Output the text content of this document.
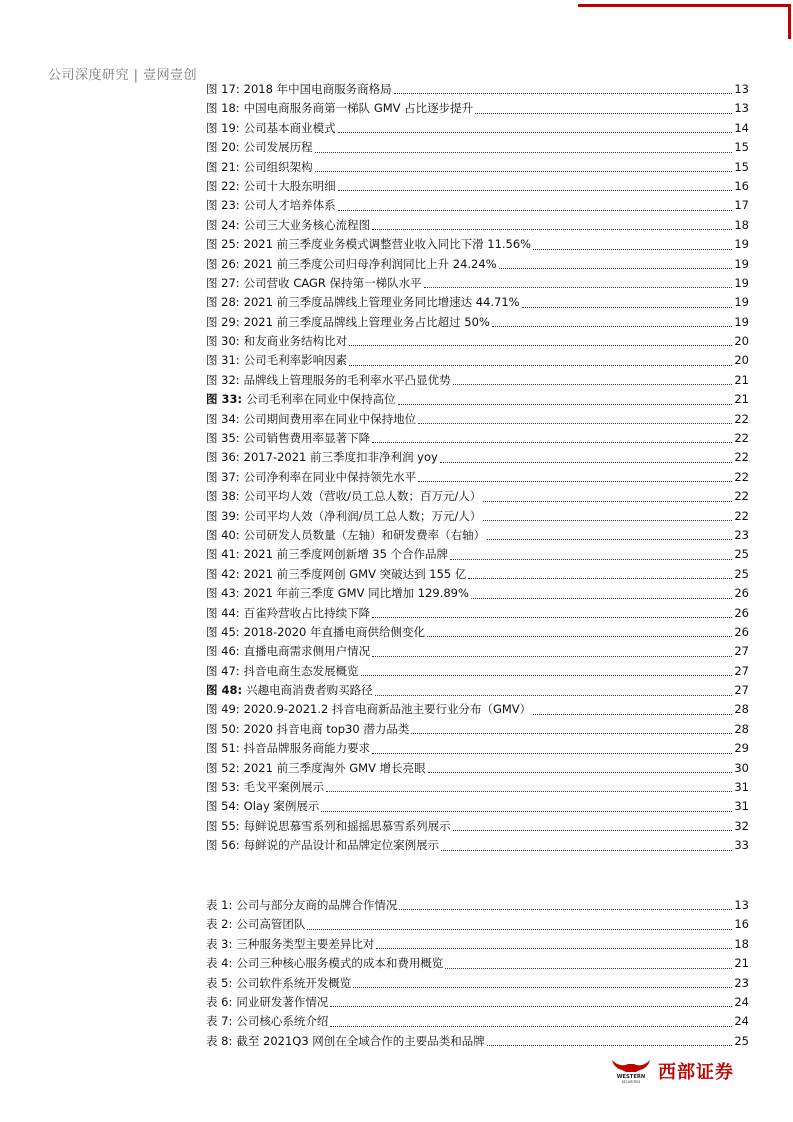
公司深度研究 | 壹网壹创
图 17: 2018 年中国电商服务商格局	13
图 18: 中国电商服务商第一梯队 GMV 占比逐步提升	13
图 19: 公司基本商业模式	14
图 20: 公司发展历程	15
图 21: 公司组织架构	15
图 22: 公司十大股东明细	16
图 23: 公司人才培养体系	17
图 24: 公司三大业务核心流程图	18
图 25: 2021 前三季度业务模式调整营业收入同比下滑 11.56%	19
图 26: 2021 前三季度公司归母净利润同比上升 24.24%	19
图 27: 公司营收 CAGR 保持第一梯队水平	19
图 28: 2021 前三季度品牌线上管理业务同比增速达 44.71%	19
图 29: 2021 前三季度品牌线上管理业务占比超过 50%	19
图 30: 和友商业务结构比对	20
图 31: 公司毛利率影响因素	20
图 32: 品牌线上管理服务的毛利率水平凸显优势	21
图 33: 公司毛利率在同业中保持高位	21
图 34: 公司期间费用率在同业中保持地位	22
图 35: 公司销售费用率显著下降	22
图 36: 2017-2021 前三季度扣非净利润 yoy	22
图 37: 公司净利率在同业中保持领先水平	22
图 38: 公司平均人效（营收/员工总人数；百万元/人）	22
图 39: 公司平均人效（净利润/员工总人数；万元/人）	22
图 40: 公司研发人员数量（左轴）和研发费率（右轴）	23
图 41: 2021 前三季度网创新增 35 个合作品牌	25
图 42: 2021 前三季度网创 GMV 突破达到 155 亿	25
图 43: 2021 年前三季度 GMV 同比增加 129.89%	26
图 44: 百雀羚营收占比持续下降	26
图 45: 2018-2020 年直播电商供给侧变化	26
图 46: 直播电商需求侧用户情况	27
图 47: 抖音电商生态发展概览	27
图 48: 兴趣电商消费者购买路径	27
图 49: 2020.9-2021.2 抖音电商新品池主要行业分布（GMV）	28
图 50: 2020 抖音电商 top30 潜力品类	28
图 51: 抖音品牌服务商能力要求	29
图 52: 2021 前三季度淘外 GMV 增长亮眼	30
图 53: 毛戈平案例展示	31
图 54: Olay 案例展示	31
图 55: 每鲜说思慕雪系列和摇摇思慕雪系列展示	32
图 56: 每鲜说的产品设计和品牌定位案例展示	33
表 1: 公司与部分友商的品牌合作情况	13
表 2: 公司高管团队	16
表 3: 三种服务类型主要差异比对	18
表 4: 公司三种核心服务模式的成本和费用概览	21
表 5: 公司软件系统开发概览	23
表 6: 同业研发著作情况	24
表 7: 公司核心系统介绍	24
表 8: 截至 2021Q3 网创在全域合作的主要品类和品牌	25
WESTERN
SECURITIES 西部证券
